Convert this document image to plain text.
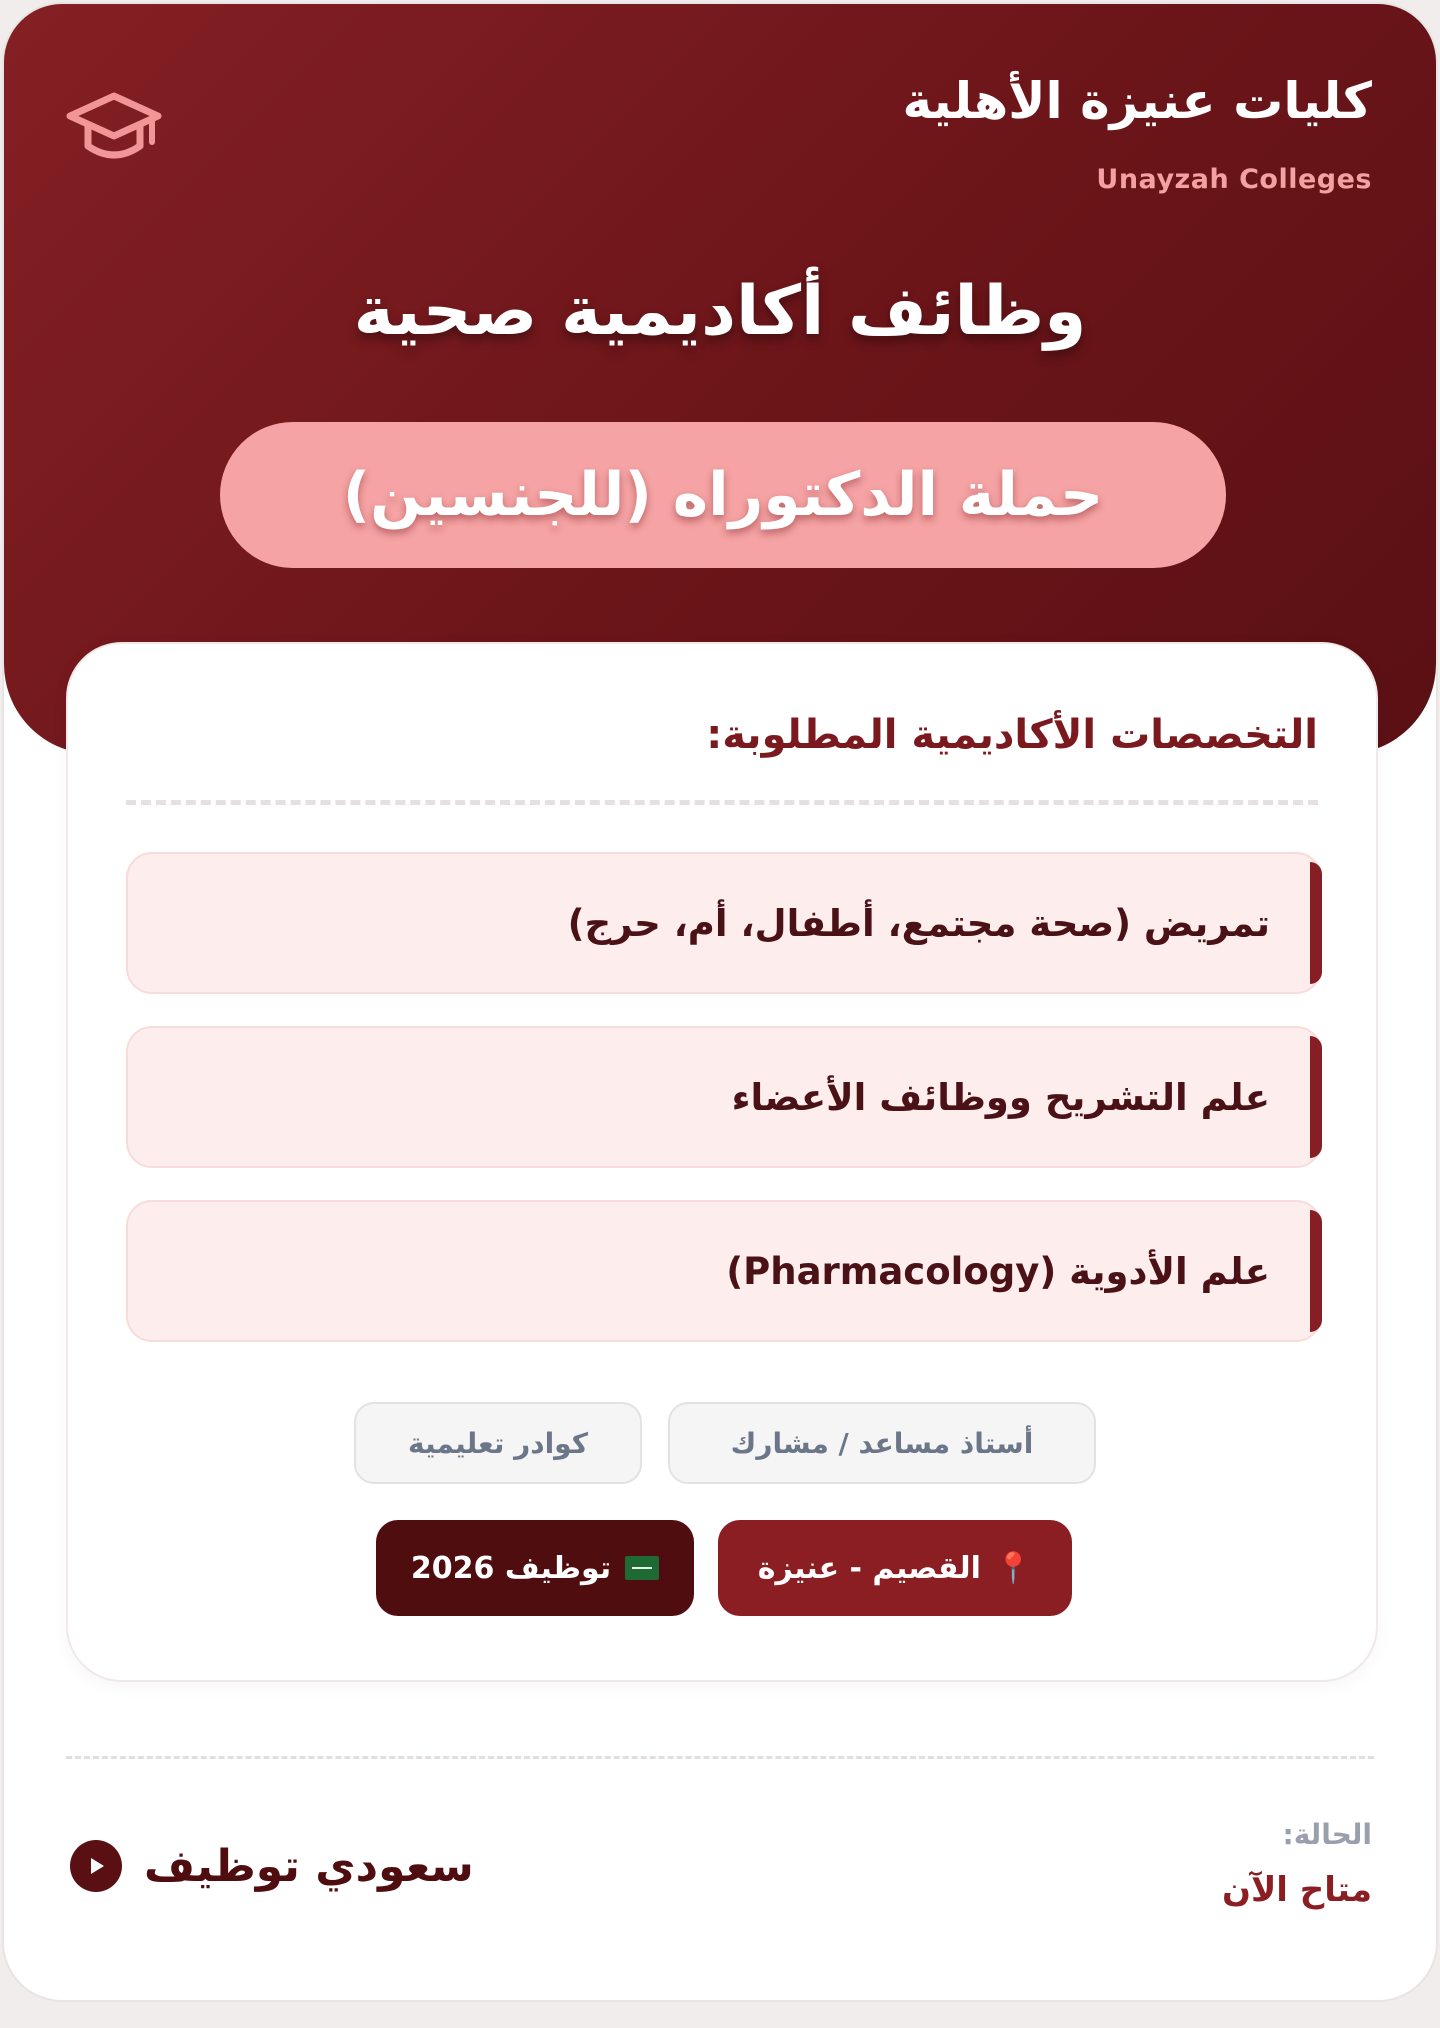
كليات عنيزة الأهلية
Unayzah Colleges
وظائف أكاديمية صحية
حملة الدكتوراه (للجنسين)
التخصصات الأكاديمية المطلوبة:
تمريض (صحة مجتمع، أطفال، أم، حرج)
علم التشريح ووظائف الأعضاء
علم الأدوية (Pharmacology)
أستاذ مساعد / مشارك
كوادر تعليمية
📍
القصيم - عنيزة
توظيف 2026
الحالة:
متاح الآن
سعودي توظيف
